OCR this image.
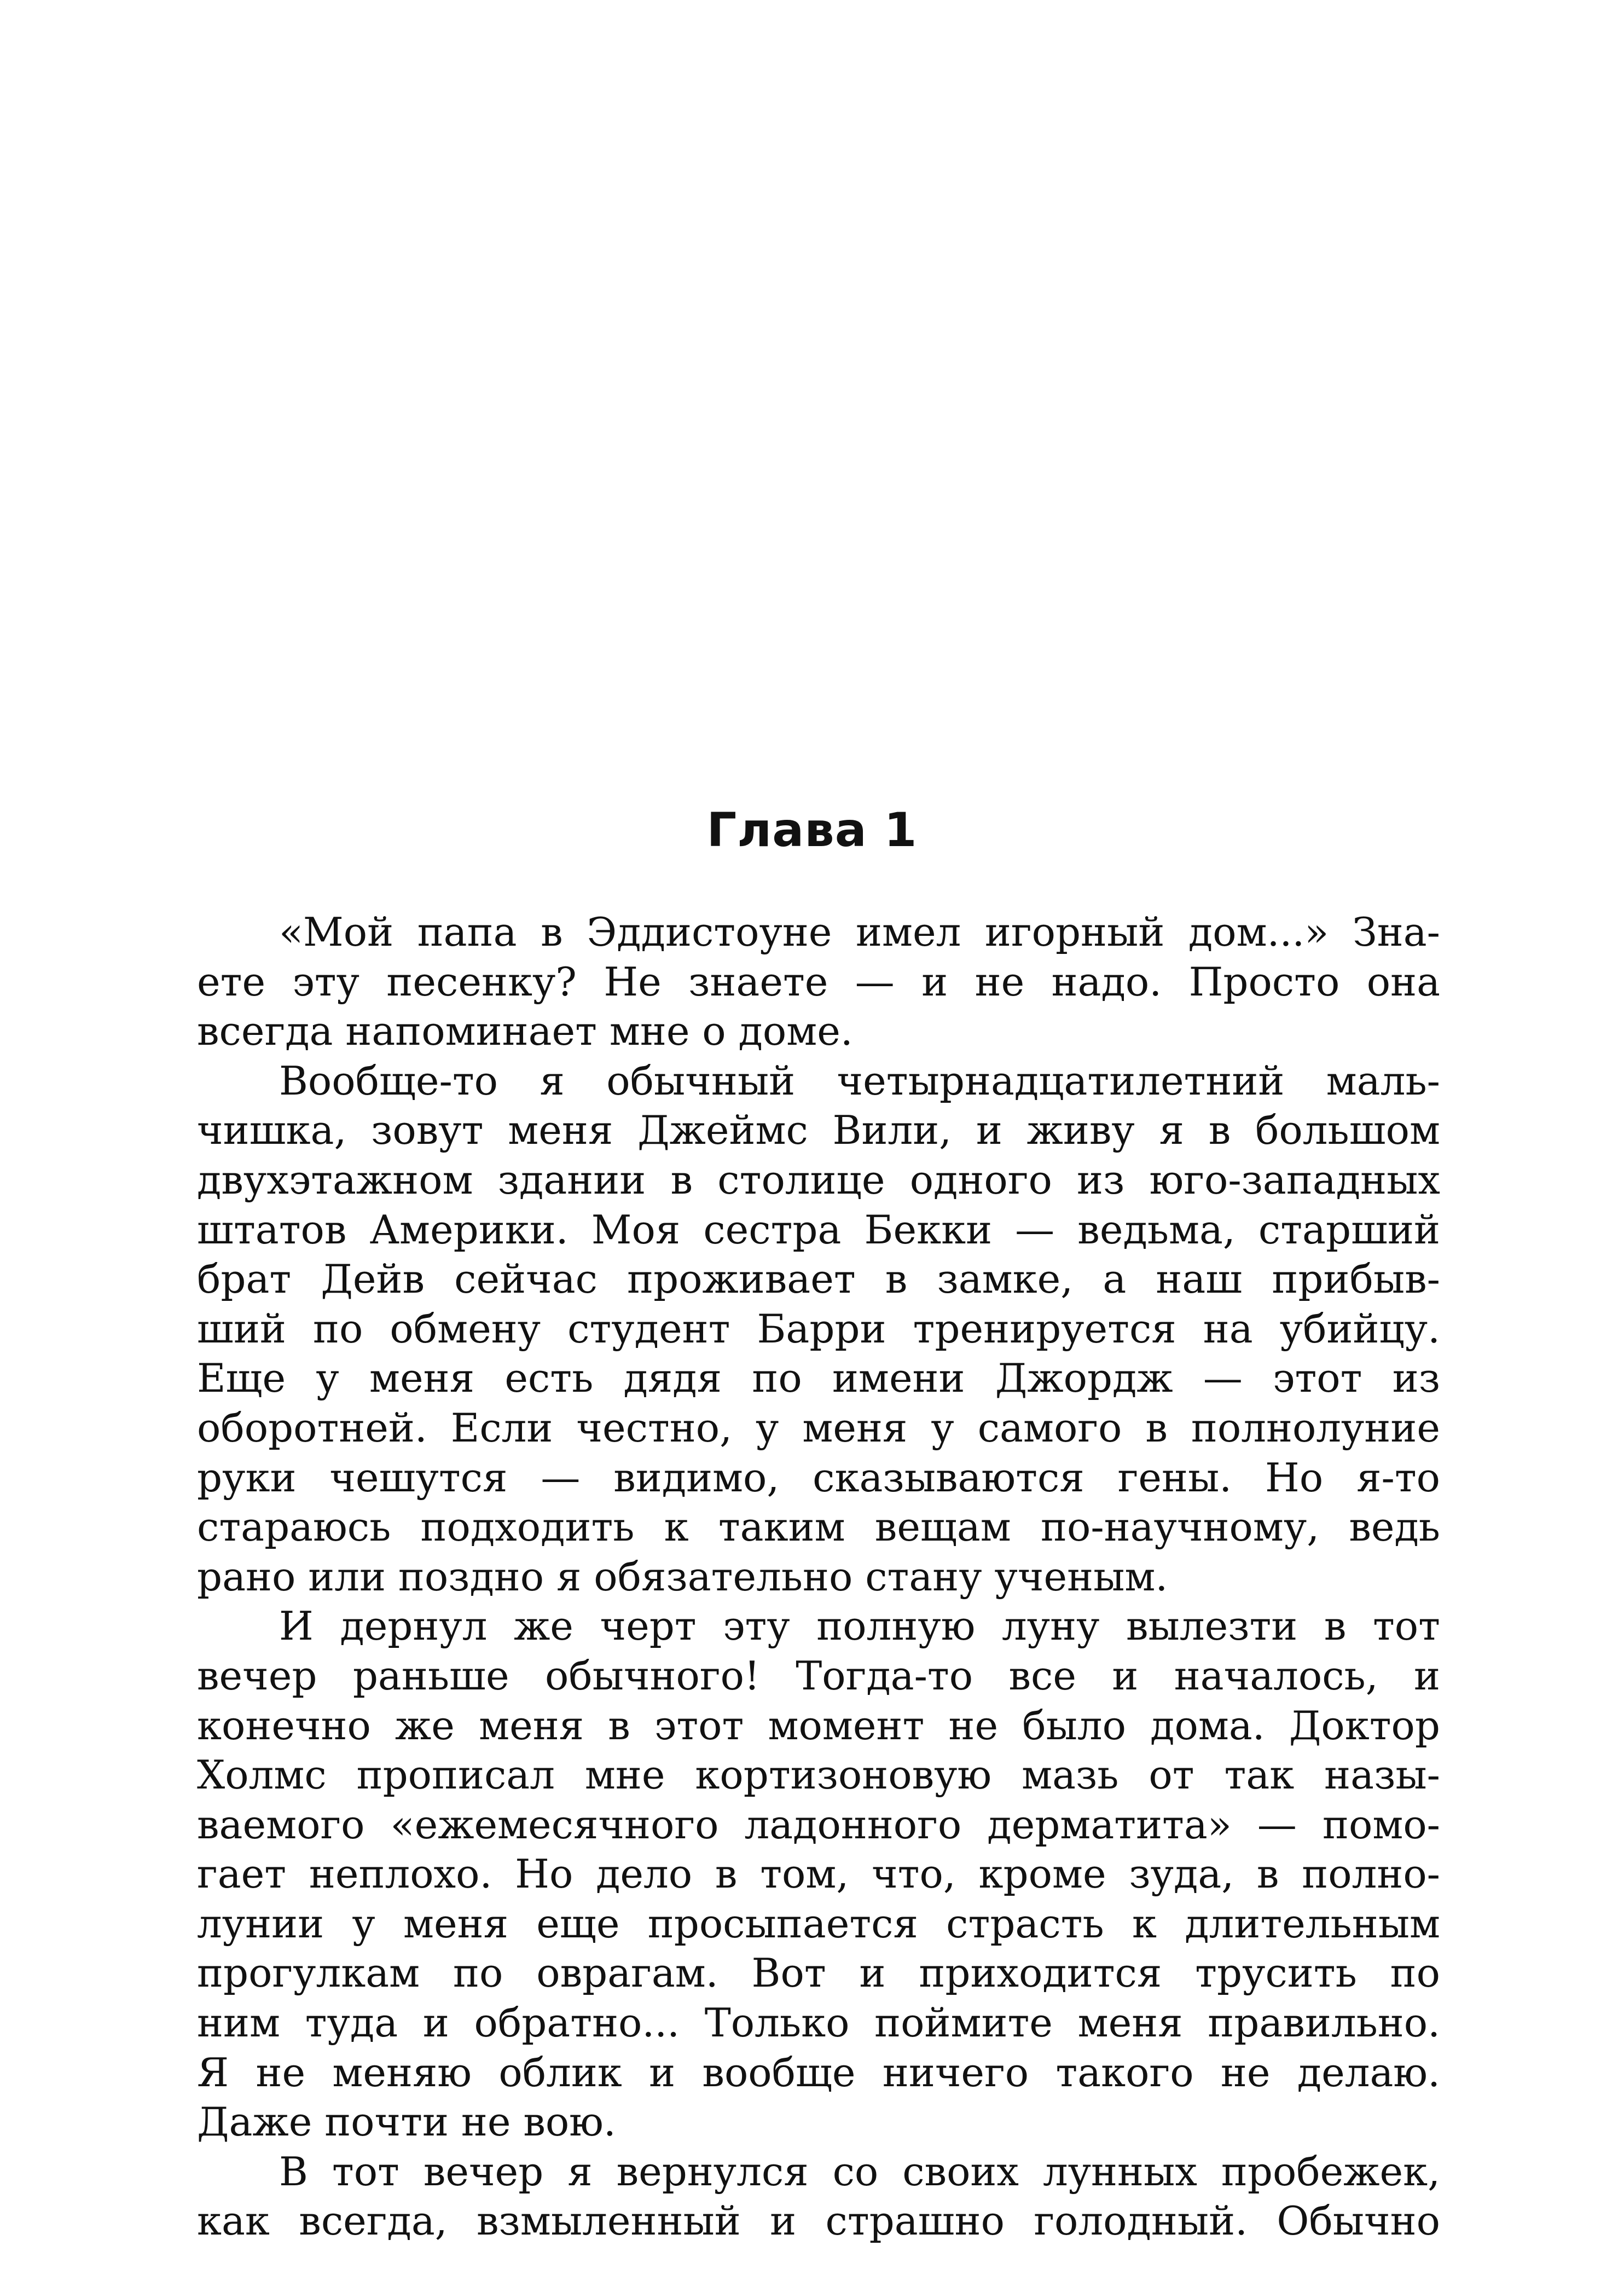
Глава 1
«Мой папа в Эддистоуне имел игорный дом...» Зна-
ете эту песенку? Не знаете — и не надо. Просто она
всегда напоминает мне о доме.
Вообще-то я обычный четырнадцатилетний маль-
чишка, зовут меня Джеймс Вили, и живу я в большом
двухэтажном здании в столице одного из юго-западных
штатов Америки. Моя сестра Бекки — ведьма, старший
брат Дейв сейчас проживает в замке, а наш прибыв-
ший по обмену студент Барри тренируется на убийцу.
Еще у меня есть дядя по имени Джордж — этот из
оборотней. Если честно, у меня у самого в полнолуние
руки чешутся — видимо, сказываются гены. Но я-то
стараюсь подходить к таким вещам по-научному, ведь
рано или поздно я обязательно стану ученым.
И дернул же черт эту полную луну вылезти в тот
вечер раньше обычного! Тогда-то все и началось, и
конечно же меня в этот момент не было дома. Доктор
Холмс прописал мне кортизоновую мазь от так назы-
ваемого «ежемесячного ладонного дерматита» — помо-
гает неплохо. Но дело в том, что, кроме зуда, в полно-
лунии у меня еще просыпается страсть к длительным
прогулкам по оврагам. Вот и приходится трусить по
ним туда и обратно... Только поймите меня правильно.
Я не меняю облик и вообще ничего такого не делаю.
Даже почти не вою.
В тот вечер я вернулся со своих лунных пробежек,
как всегда, взмыленный и страшно голодный. Обычно
